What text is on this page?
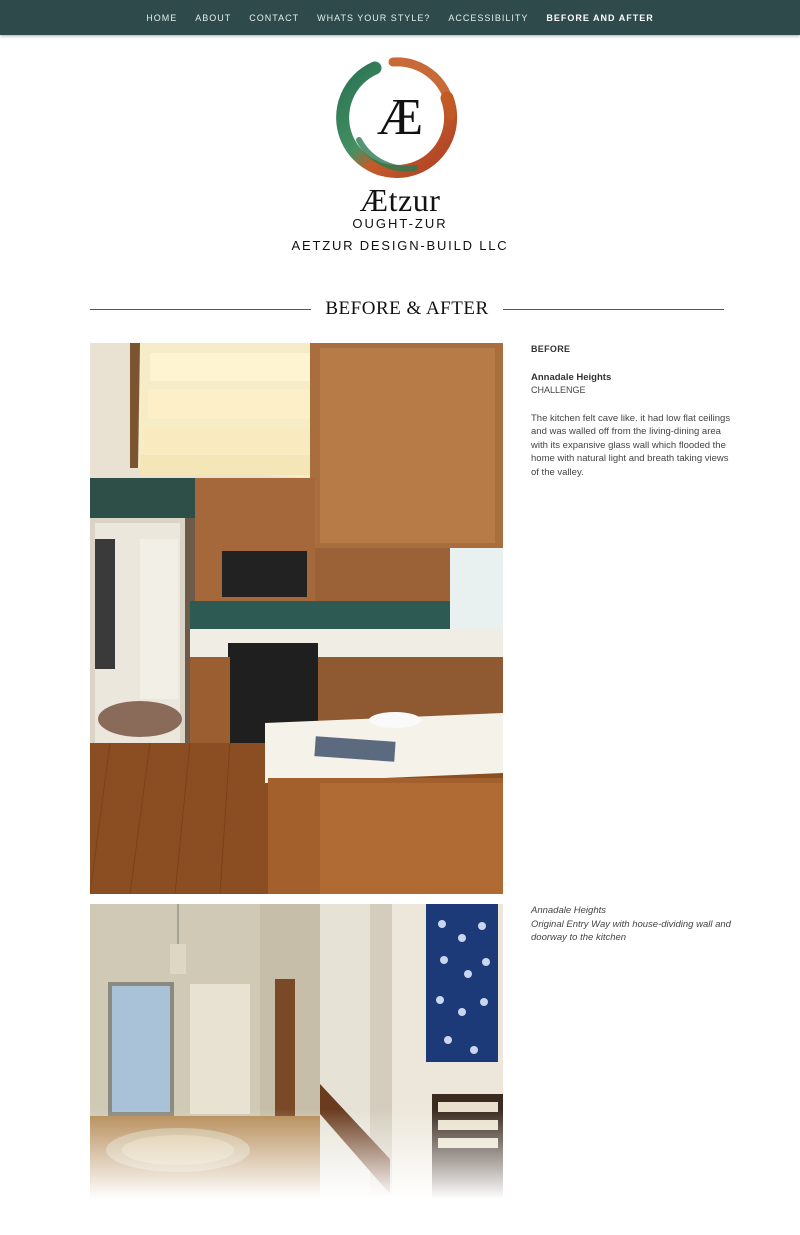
HOME	ABOUT	CONTACT	WHATS YOUR STYLE?	ACCESSIBILITY	BEFORE AND AFTER
Æ
Ætzur
OUGHT-ZUR
AETZUR DESIGN-BUILD LLC
BEFORE & AFTER
BEFORE
Annadale Heights
CHALLENGE
The kitchen felt cave like. it had low flat ceilings and was walled off from the living-dining area with its expansive glass wall which flooded the home with natural light and breath taking views of the valley.
Annadale Heights
Original Entry Way with house-dividing wall and doorway to the kitchen
